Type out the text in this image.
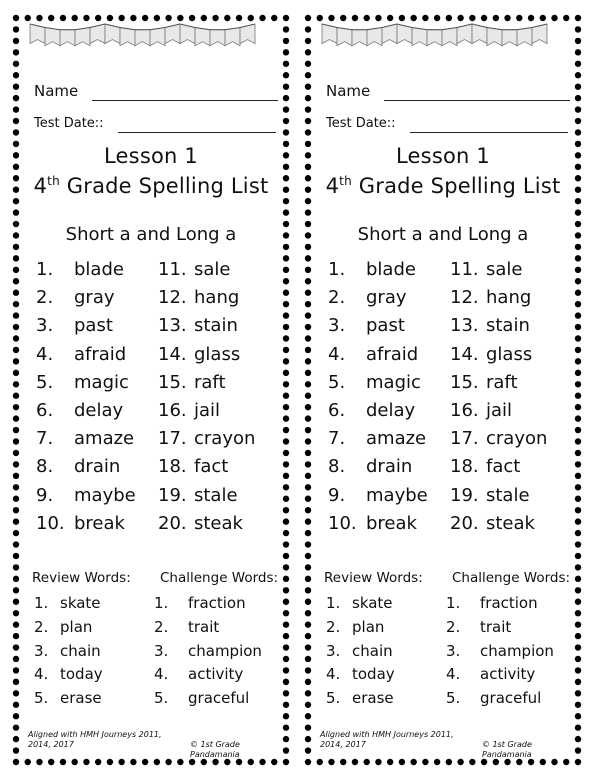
Name
Test Date::
Lesson 1
4th Grade Spelling List
Short a and Long a
1. blade
2. gray
3. past
4. afraid
5. magic
6. delay
7. amaze
8. drain
9. maybe
10. break
11. sale
12. hang
13. stain
14. glass
15. raft
16. jail
17. crayon
18. fact
19. stale
20. steak
Review Words: Challenge Words:
1. skate
2. plan
3. chain
4. today
5. erase
1. fraction
2. trait
3. champion
4. activity
5. graceful
Aligned with HMH Journeys 2011,
2014, 2017	© 1st Grade Pandamania
Name
Test Date::
Lesson 1
4th Grade Spelling List
Short a and Long a
1. blade
2. gray
3. past
4. afraid
5. magic
6. delay
7. amaze
8. drain
9. maybe
10. break
11. sale
12. hang
13. stain
14. glass
15. raft
16. jail
17. crayon
18. fact
19. stale
20. steak
Review Words: Challenge Words:
1. skate
2. plan
3. chain
4. today
5. erase
1. fraction
2. trait
3. champion
4. activity
5. graceful
Aligned with HMH Journeys 2011,
2014, 2017	© 1st Grade Pandamania
